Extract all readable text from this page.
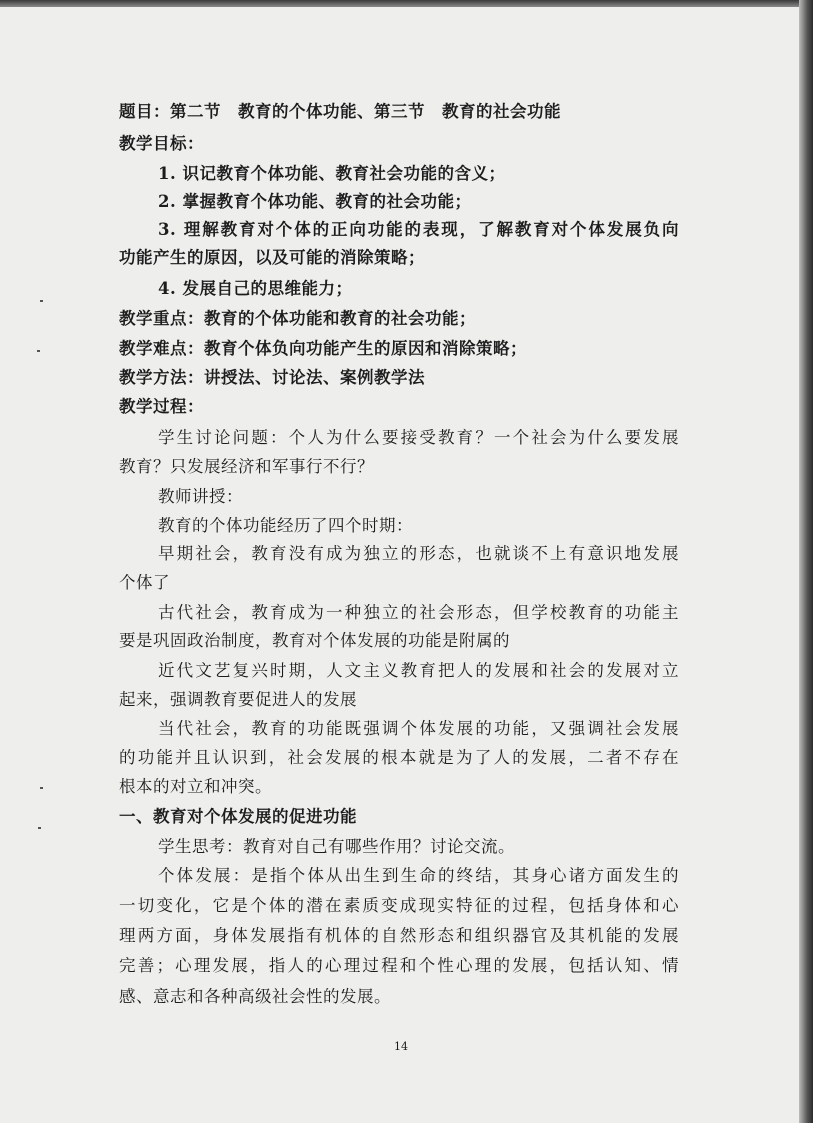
题目：第二节　教育的个体功能、第三节　教育的社会功能
教学目标：
1. 识记教育个体功能、教育社会功能的含义；
2. 掌握教育个体功能、教育的社会功能；
3. 理解教育对个体的正向功能的表现，了解教育对个体发展负向
功能产生的原因，以及可能的消除策略；
4. 发展自己的思维能力；
教学重点：教育的个体功能和教育的社会功能；
教学难点：教育个体负向功能产生的原因和消除策略；
教学方法：讲授法、讨论法、案例教学法
教学过程：
学生讨论问题：个人为什么要接受教育？一个社会为什么要发展
教育？只发展经济和军事行不行？
教师讲授：
教育的个体功能经历了四个时期：
早期社会，教育没有成为独立的形态，也就谈不上有意识地发展
个体了
古代社会，教育成为一种独立的社会形态，但学校教育的功能主
要是巩固政治制度，教育对个体发展的功能是附属的
近代文艺复兴时期，人文主义教育把人的发展和社会的发展对立
起来，强调教育要促进人的发展
当代社会，教育的功能既强调个体发展的功能，又强调社会发展
的功能并且认识到，社会发展的根本就是为了人的发展，二者不存在
根本的对立和冲突。
一、教育对个体发展的促进功能
学生思考：教育对自己有哪些作用？讨论交流。
个体发展：是指个体从出生到生命的终结，其身心诸方面发生的
一切变化，它是个体的潜在素质变成现实特征的过程，包括身体和心
理两方面，身体发展指有机体的自然形态和组织器官及其机能的发展
完善；心理发展，指人的心理过程和个性心理的发展，包括认知、情
感、意志和各种高级社会性的发展。
14
